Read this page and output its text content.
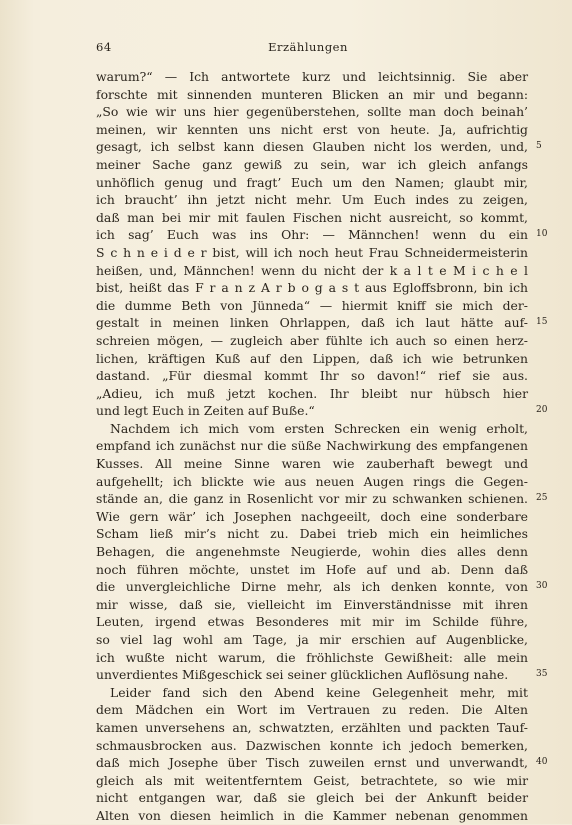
64	Erzählungen
warum?“ — Ich antwortete kurz und leichtsinnig. Sie aber
forschte mit sinnenden munteren Blicken an mir und begann:
„So wie wir uns hier gegenüberstehen, sollte man doch beinah’
meinen, wir kennten uns nicht erst von heute. Ja, aufrichtig
gesagt, ich selbst kann diesen Glauben nicht los werden, und, 5
meiner Sache ganz gewiß zu sein, war ich gleich anfangs
unhöflich genug und fragt’ Euch um den Namen; glaubt mir,
ich braucht’ ihn jetzt nicht mehr. Um Euch indes zu zeigen,
daß man bei mir mit faulen Fischen nicht ausreicht, so kommt,
ich sag’ Euch was ins Ohr: — Männchen! wenn du ein 10
S c h n e i d e r bist, will ich noch heut Frau Schneidermeisterin
heißen, und, Männchen! wenn du nicht der k a l t e M i c h e l
bist, heißt das F r a n z A r b o g a s t aus Egloffsbronn, bin ich
die dumme Beth von Jünneda“ — hiermit kniff sie mich der-
gestalt in meinen linken Ohrlappen, daß ich laut hätte auf- 15
schreien mögen, — zugleich aber fühlte ich auch so einen herz-
lichen, kräftigen Kuß auf den Lippen, daß ich wie betrunken
dastand. „Für diesmal kommt Ihr so davon!“ rief sie aus.
„Adieu, ich muß jetzt kochen. Ihr bleibt nur hübsch hier
und legt Euch in Zeiten auf Buße.“	20
Nachdem ich mich vom ersten Schrecken ein wenig erholt,
empfand ich zunächst nur die süße Nachwirkung des empfangenen
Kusses. All meine Sinne waren wie zauberhaft bewegt und
aufgehellt; ich blickte wie aus neuen Augen rings die Gegen-
stände an, die ganz in Rosenlicht vor mir zu schwanken schienen. 25
Wie gern wär’ ich Josephen nachgeeilt, doch eine sonderbare
Scham ließ mir’s nicht zu. Dabei trieb mich ein heimliches
Behagen, die angenehmste Neugierde, wohin dies alles denn
noch führen möchte, unstet im Hofe auf und ab. Denn daß
die unvergleichliche Dirne mehr, als ich denken konnte, von 30
mir wisse, daß sie, vielleicht im Einverständnisse mit ihren
Leuten, irgend etwas Besonderes mit mir im Schilde führe,
so viel lag wohl am Tage, ja mir erschien auf Augenblicke,
ich wußte nicht warum, die fröhlichste Gewißheit: alle mein
unverdientes Mißgeschick sei seiner glücklichen Auflösung nahe.	35
Leider fand sich den Abend keine Gelegenheit mehr, mit
dem Mädchen ein Wort im Vertrauen zu reden. Die Alten
kamen unversehens an, schwatzten, erzählten und packten Tauf-
schmausbrocken aus. Dazwischen konnte ich jedoch bemerken,
daß mich Josephe über Tisch zuweilen ernst und unverwandt, 40
gleich als mit weitentferntem Geist, betrachtete, so wie mir
nicht entgangen war, daß sie gleich bei der Ankunft beider
Alten von diesen heimlich in die Kammer nebenan genommen
